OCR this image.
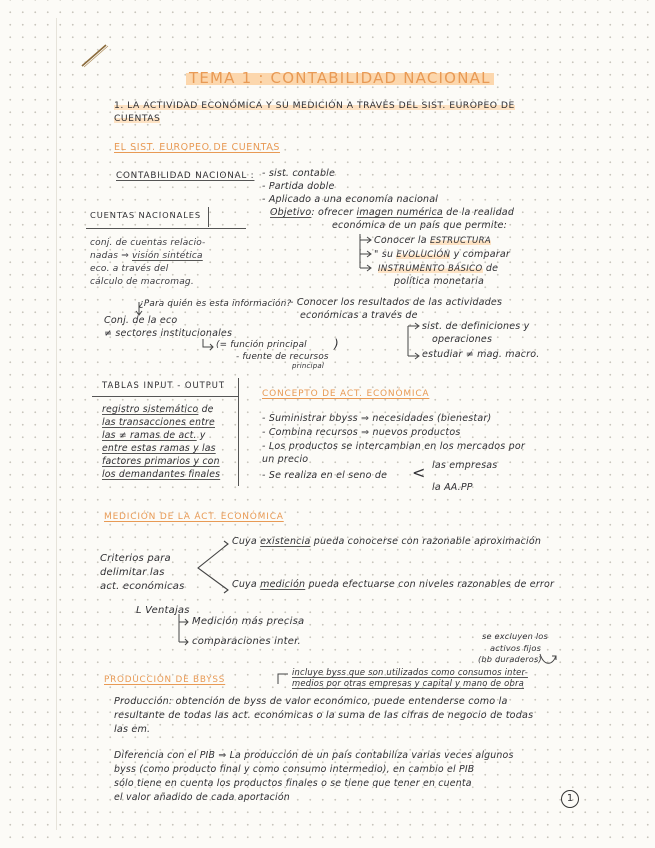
TEMA 1 : CONTABILIDAD NACIONAL
1. LA ACTIVIDAD ECONÓMICA Y SU MEDICIÓN A TRAVÉS DEL SIST. EUROPEO DE
CUENTAS
EL SIST. EUROPEO DE CUENTAS
CONTABILIDAD NACIONAL : - sist. contable
- Partida doble
- Aplicado a una economía nacional
Objetivo: ofrecer imagen numérica de la realidad
económica de un país que permite:
Conocer la ESTRUCTURA
" su EVOLUCIÓN y comparar
INSTRUMENTO BÁSICO de
política monetaria
CUENTAS NACIONALES
conj. de cuentas relacio-
nadas ⇒ visión sintética
eco. a través del
cálculo de macromag.
¿Para quién es esta información?
Conj. de la eco
≠ sectores institucionales
(= función principal )
- fuente de recursos
principal
- Conocer los resultados de las actividades
económicas a través de
sist. de definiciones y
operaciones
estudiar ≠ mag. macro.
TABLAS INPUT - OUTPUT
registro sistemático de
las transacciones entre
las ≠ ramas de act. y
entre estas ramas y las
factores primarios y con
los demandantes finales
CONCEPTO DE ACT. ECONÓMICA
- Suministrar bbyss ⇒ necesidades (bienestar)
- Combina recursos ⇒ nuevos productos
- Los productos se intercambian en los mercados por
un precio
- Se realiza en el seno de < las empresas
la AA.PP
MEDICIÓN DE LA ACT. ECONÓMICA
Criterios para
delimitar las
act. económicas
Cuya existencia pueda conocerse con razonable aproximación
Cuya medición pueda efectuarse con niveles razonables de error
L Ventajas
Medición más precisa
comparaciones inter.	se excluyen los
activos fijos
(bb duraderos)
PRODUCCIÓN DE BBYSS
incluye byss que son utilizados como consumos inter-
medios por otras empresas y capital y mano de obra
Producción: obtención de byss de valor económico, puede entenderse como la
resultante de todas las act. económicas o la suma de las cifras de negocio de todas
las em.
Diferencia con el PIB ⇒ La producción de un país contabiliza varias veces algunos
byss (como producto final y como consumo intermedio), en cambio el PIB
sólo tiene en cuenta los productos finales o se tiene que tener en cuenta
el valor añadido de cada aportación	1
